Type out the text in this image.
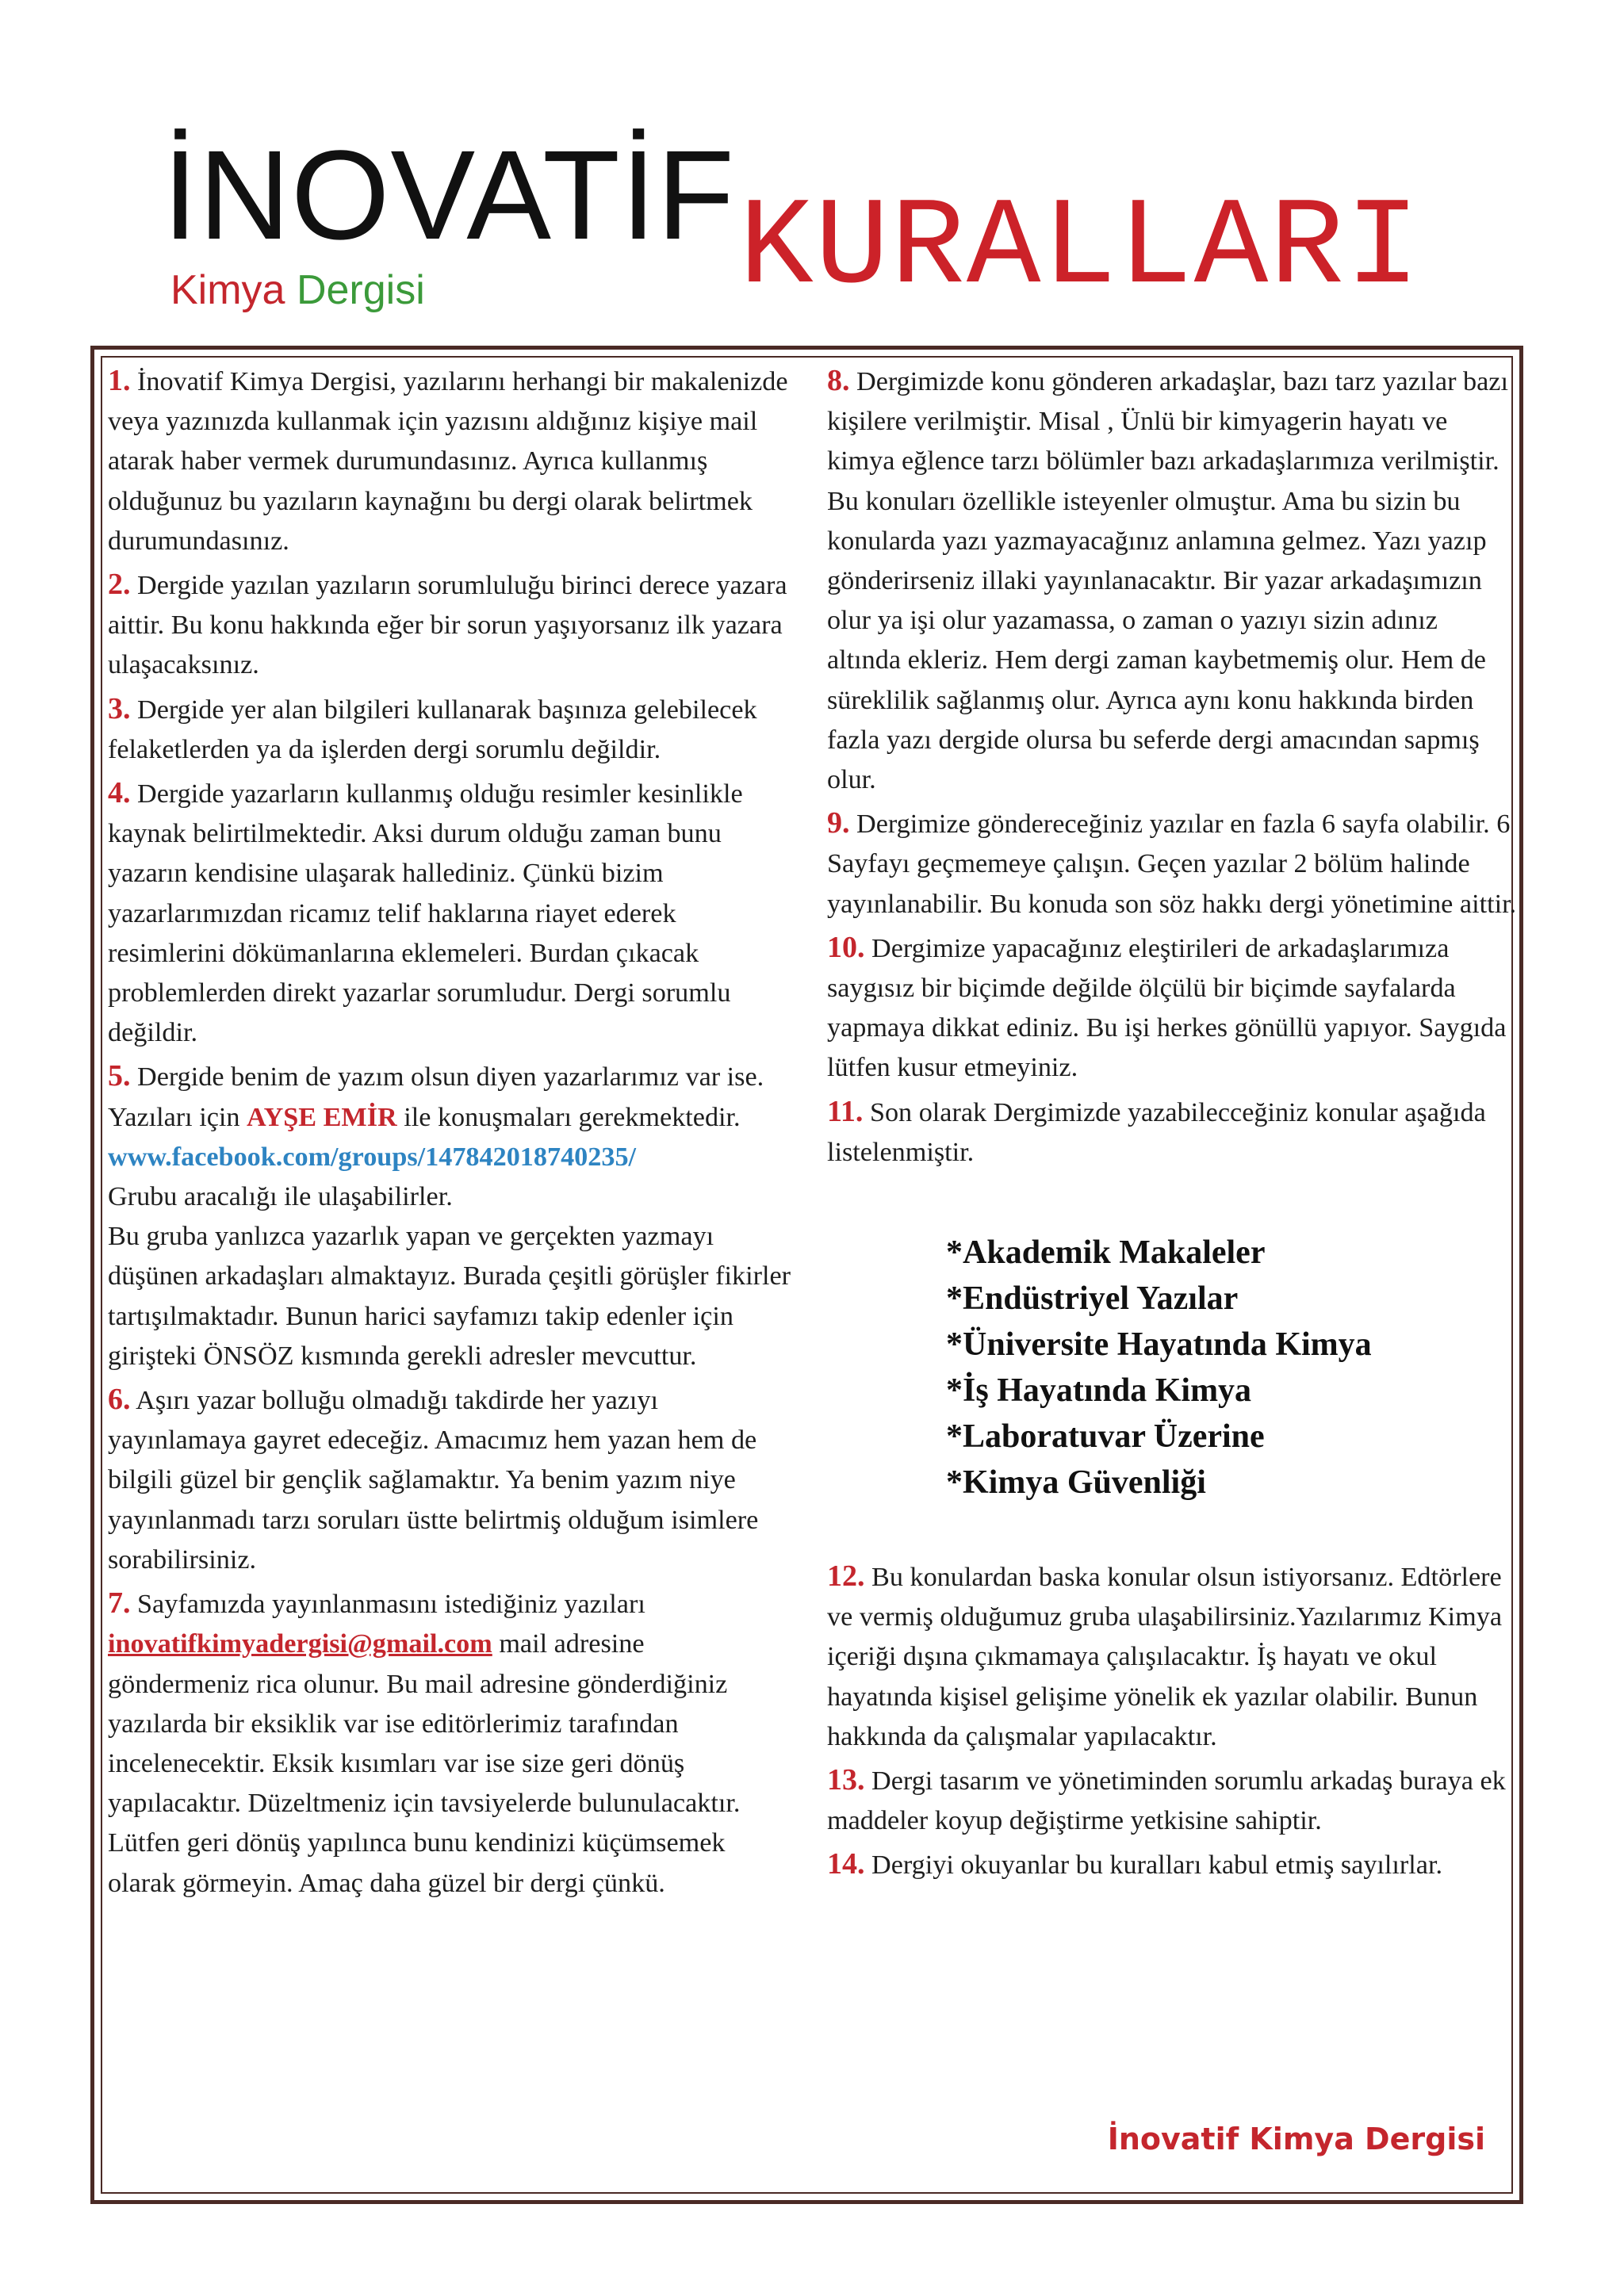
İNOVATİF
Kimya Dergisi	KURALLARI

1. İnovatif Kimya Dergisi, yazılarını herhangi bir makalenizde veya yazınızda kullanmak için yazısını aldığınız kişiye mail atarak haber vermek durumundasınız. Ayrıca kullanmış olduğunuz bu yazıların kaynağını bu dergi olarak belirtmek durumundasınız.

2. Dergide yazılan yazıların sorumluluğu birinci derece yazara aittir. Bu konu hakkında eğer bir sorun yaşıyorsanız ilk yazara ulaşacaksınız.

3. Dergide yer alan bilgileri kullanarak başınıza gelebilecek felaketlerden ya da işlerden dergi sorumlu değildir.

4. Dergide yazarların kullanmış olduğu resimler kesinlikle kaynak belirtilmektedir. Aksi durum olduğu zaman bunu yazarın kendisine ulaşarak hallediniz. Çünkü bizim yazarlarımızdan ricamız telif haklarına riayet ederek resimlerini dökümanlarına eklemeleri. Burdan çıkacak problemlerden direkt yazarlar sorumludur. Dergi sorumlu değildir.

5. Dergide benim de yazım olsun diyen yazarlarımız var ise. Yazıları için AYŞE EMİR ile konuşmaları gerekmektedir.
www.facebook.com/groups/147842018740235/
Grubu aracalığı ile ulaşabilirler.
Bu gruba yanlızca yazarlık yapan ve gerçekten yazmayı düşünen arkadaşları almaktayız. Burada çeşitli görüşler fikirler tartışılmaktadır. Bunun harici sayfamızı takip edenler için girişteki ÖNSÖZ kısmında gerekli adresler mevcuttur.

6. Aşırı yazar bolluğu olmadığı takdirde her yazıyı yayınlamaya gayret edeceğiz. Amacımız hem yazan hem de bilgili güzel bir gençlik sağlamaktır. Ya benim yazım niye yayınlanmadı tarzı soruları üstte belirtmiş olduğum isimlere sorabilirsiniz.

7. Sayfamızda yayınlanmasını istediğiniz yazıları inovatifkimyadergisi@gmail.com mail adresine göndermeniz rica olunur. Bu mail adresine gönderdiğiniz yazılarda bir eksiklik var ise editörlerimiz tarafından incelenecektir. Eksik kısımları var ise size geri dönüş yapılacaktır. Düzeltmeniz için tavsiyelerde bulunulacaktır. Lütfen geri dönüş yapılınca bunu kendinizi küçümsemek olarak görmeyin. Amaç daha güzel bir dergi çünkü.

8. Dergimizde konu gönderen arkadaşlar, bazı tarz yazılar bazı kişilere verilmiştir. Misal , Ünlü bir kimyagerin hayatı ve kimya eğlence tarzı bölümler bazı arkadaşlarımıza verilmiştir. Bu konuları özellikle isteyenler olmuştur. Ama bu sizin bu konularda yazı yazmayacağınız anlamına gelmez. Yazı yazıp gönderirseniz illaki yayınlanacaktır. Bir yazar arkadaşımızın olur ya işi olur yazamassa, o zaman o yazıyı sizin adınız altında ekleriz. Hem dergi zaman kaybetmemiş olur. Hem de süreklilik sağlanmış olur. Ayrıca aynı konu hakkında birden fazla yazı dergide olursa bu seferde dergi amacından sapmış olur.

9. Dergimize göndereceğiniz yazılar en fazla 6 sayfa olabilir. 6 Sayfayı geçmemeye çalışın. Geçen yazılar 2 bölüm halinde yayınlanabilir. Bu konuda son söz hakkı dergi yönetimine aittir.

10. Dergimize yapacağınız eleştirileri de arkadaşlarımıza saygısız bir biçimde değilde ölçülü bir biçimde sayfalarda yapmaya dikkat ediniz. Bu işi herkes gönüllü yapıyor. Saygıda lütfen kusur etmeyiniz.

11. Son olarak Dergimizde yazabilecceğiniz konular aşağıda listelenmiştir.

*Akademik Makaleler
*Endüstriyel Yazılar
*Üniversite Hayatında Kimya
*İş Hayatında Kimya
*Laboratuvar Üzerine
*Kimya Güvenliği

12. Bu konulardan baska konular olsun istiyorsanız. Edtörlere ve vermiş olduğumuz gruba ulaşabilirsiniz.Yazılarımız Kimya içeriği dışına çıkmamaya çalışılacaktır. İş hayatı ve okul hayatında kişisel gelişime yönelik ek yazılar olabilir. Bunun hakkında da çalışmalar yapılacaktır.

13. Dergi tasarım ve yönetiminden sorumlu arkadaş buraya ek maddeler koyup değiştirme yetkisine sahiptir.

14. Dergiyi okuyanlar bu kuralları kabul etmiş sayılırlar.

İnovatif Kimya Dergisi
